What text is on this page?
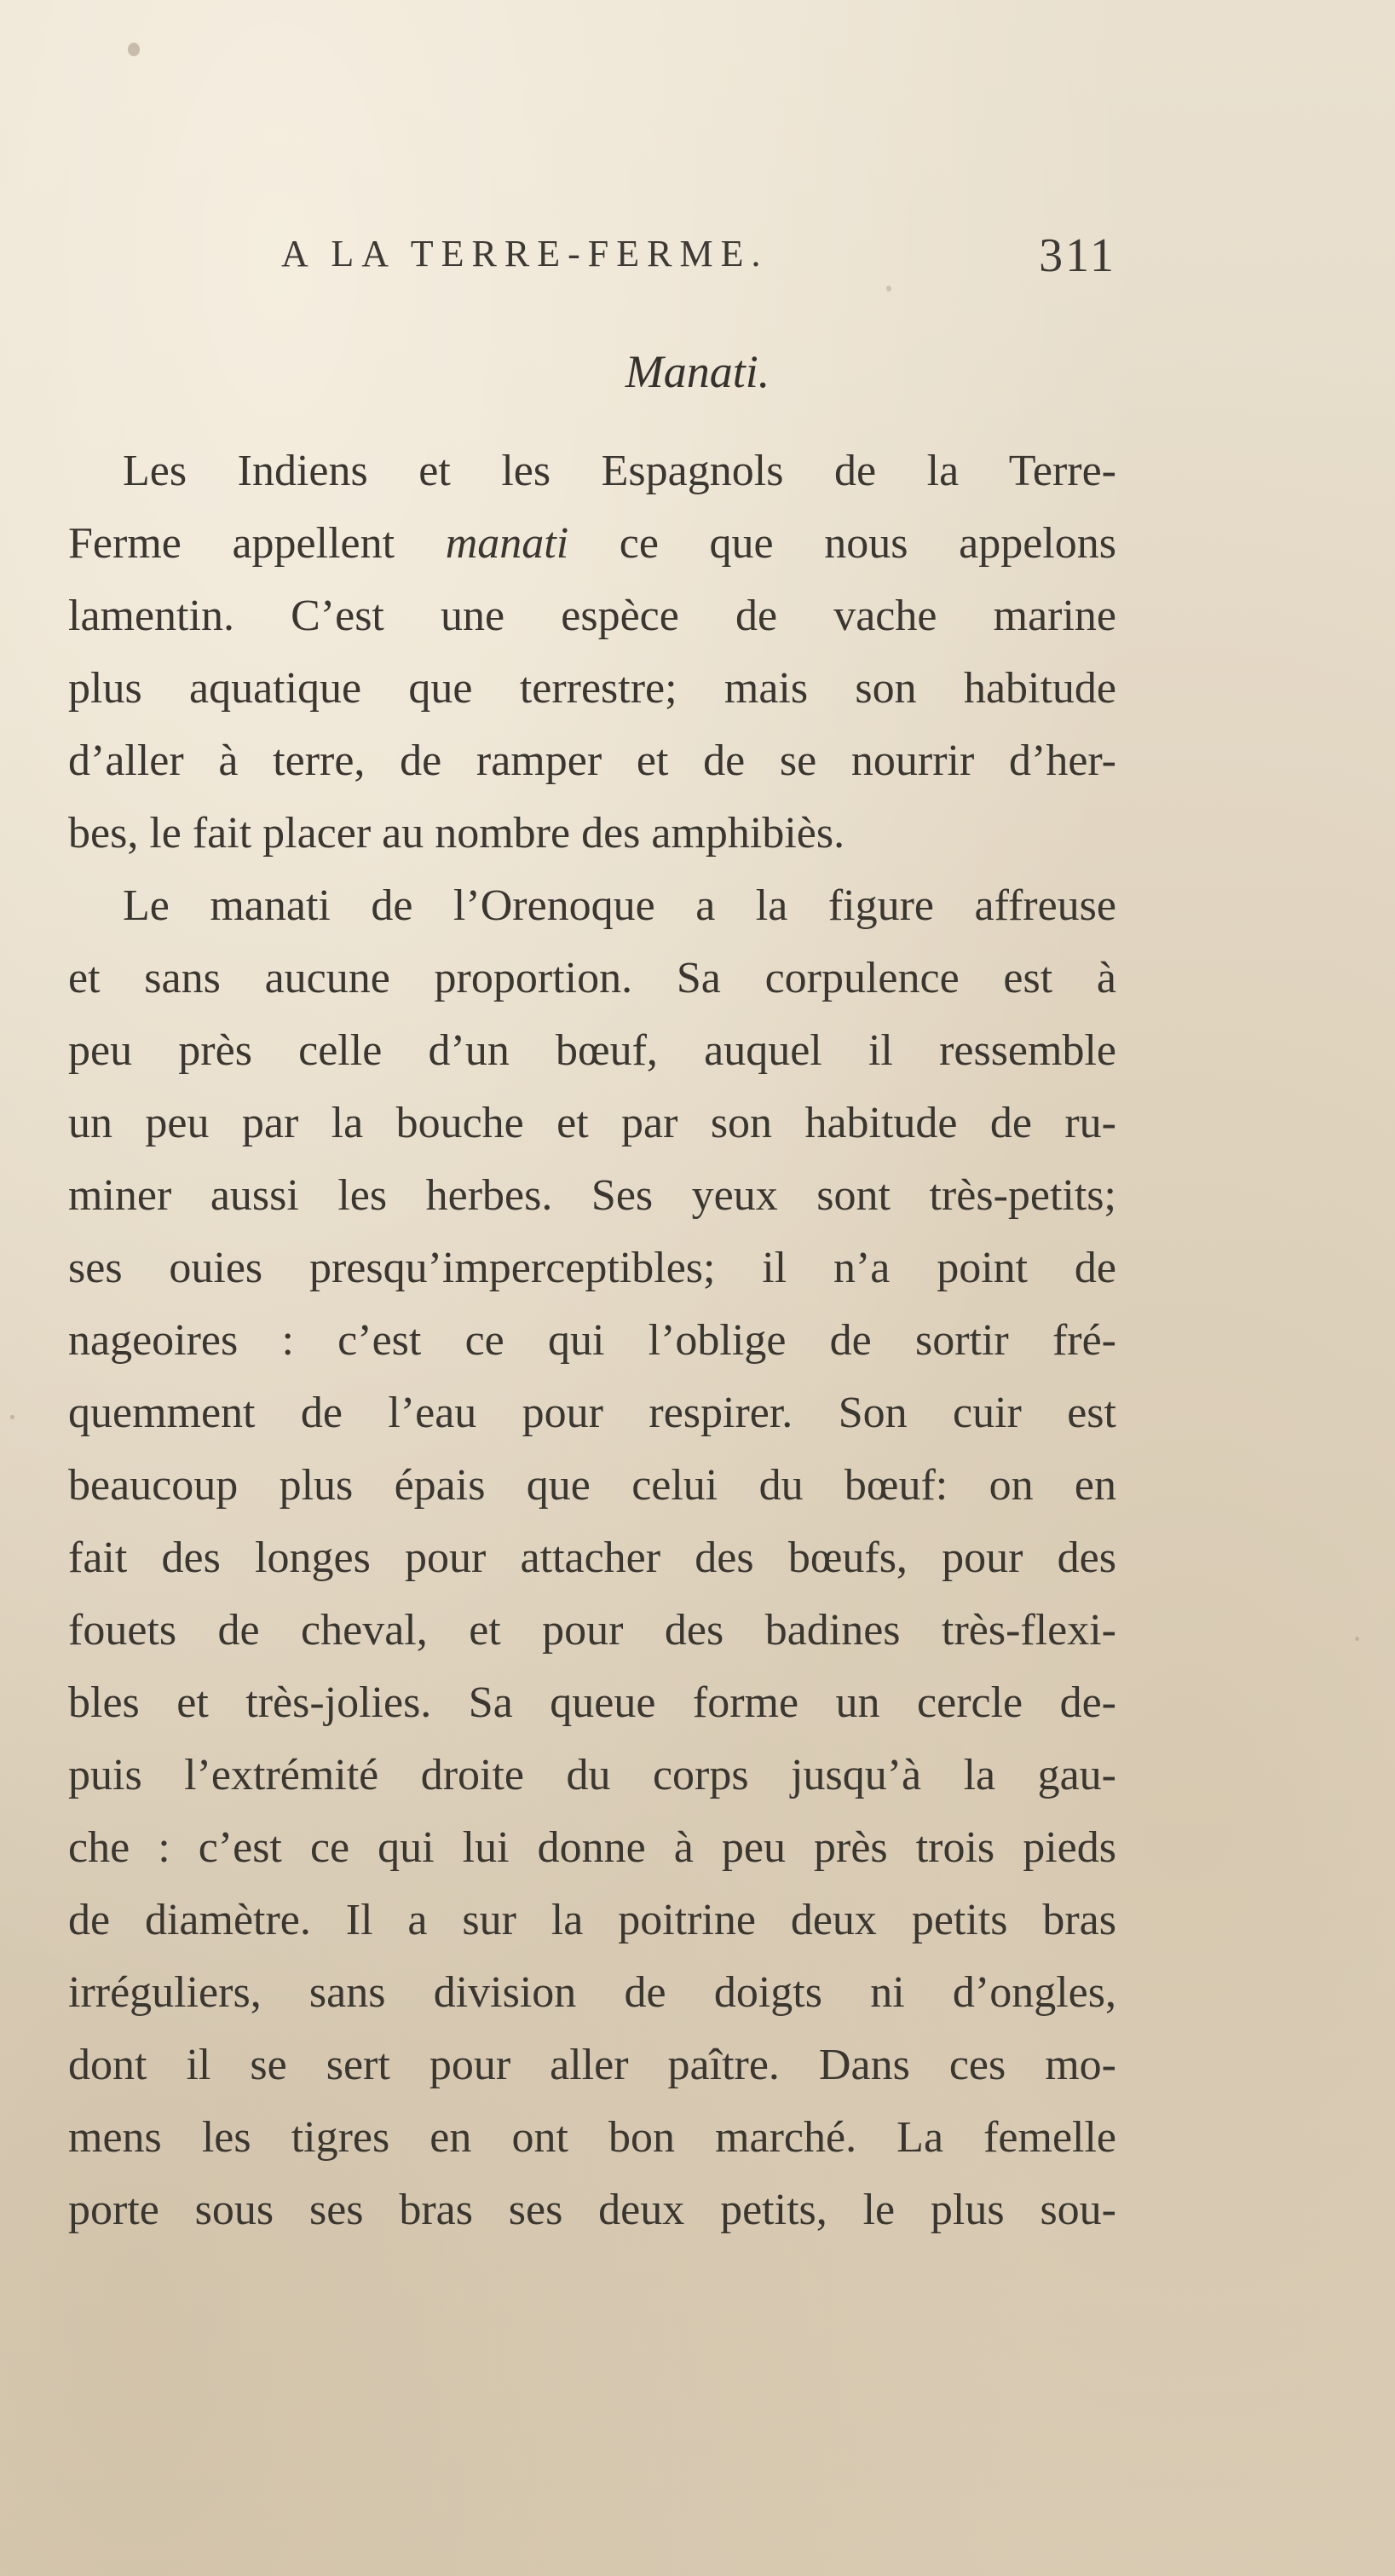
A LA TERRE-FERME.	311
Manati.
Les Indiens et les Espagnols de la Terre-
Ferme appellent manati ce que nous appelons
lamentin. C’est une espèce de vache marine
plus aquatique que terrestre; mais son habitude
d’aller à terre, de ramper et de se nourrir d’her-
bes, le fait placer au nombre des amphibiès.
Le manati de l’Orenoque a la figure affreuse
et sans aucune proportion. Sa corpulence est à
peu près celle d’un bœuf, auquel il ressemble
un peu par la bouche et par son habitude de ru-
miner aussi les herbes. Ses yeux sont très-petits;
ses ouies presqu’imperceptibles; il n’a point de
nageoires : c’est ce qui l’oblige de sortir fré-
quemment de l’eau pour respirer. Son cuir est
beaucoup plus épais que celui du bœuf: on en
fait des longes pour attacher des bœufs, pour des
fouets de cheval, et pour des badines très-flexi-
bles et très-jolies. Sa queue forme un cercle de-
puis l’extrémité droite du corps jusqu’à la gau-
che : c’est ce qui lui donne à peu près trois pieds
de diamètre. Il a sur la poitrine deux petits bras
irréguliers, sans division de doigts ni d’ongles,
dont il se sert pour aller paître. Dans ces mo-
mens les tigres en ont bon marché. La femelle
porte sous ses bras ses deux petits, le plus sou-
